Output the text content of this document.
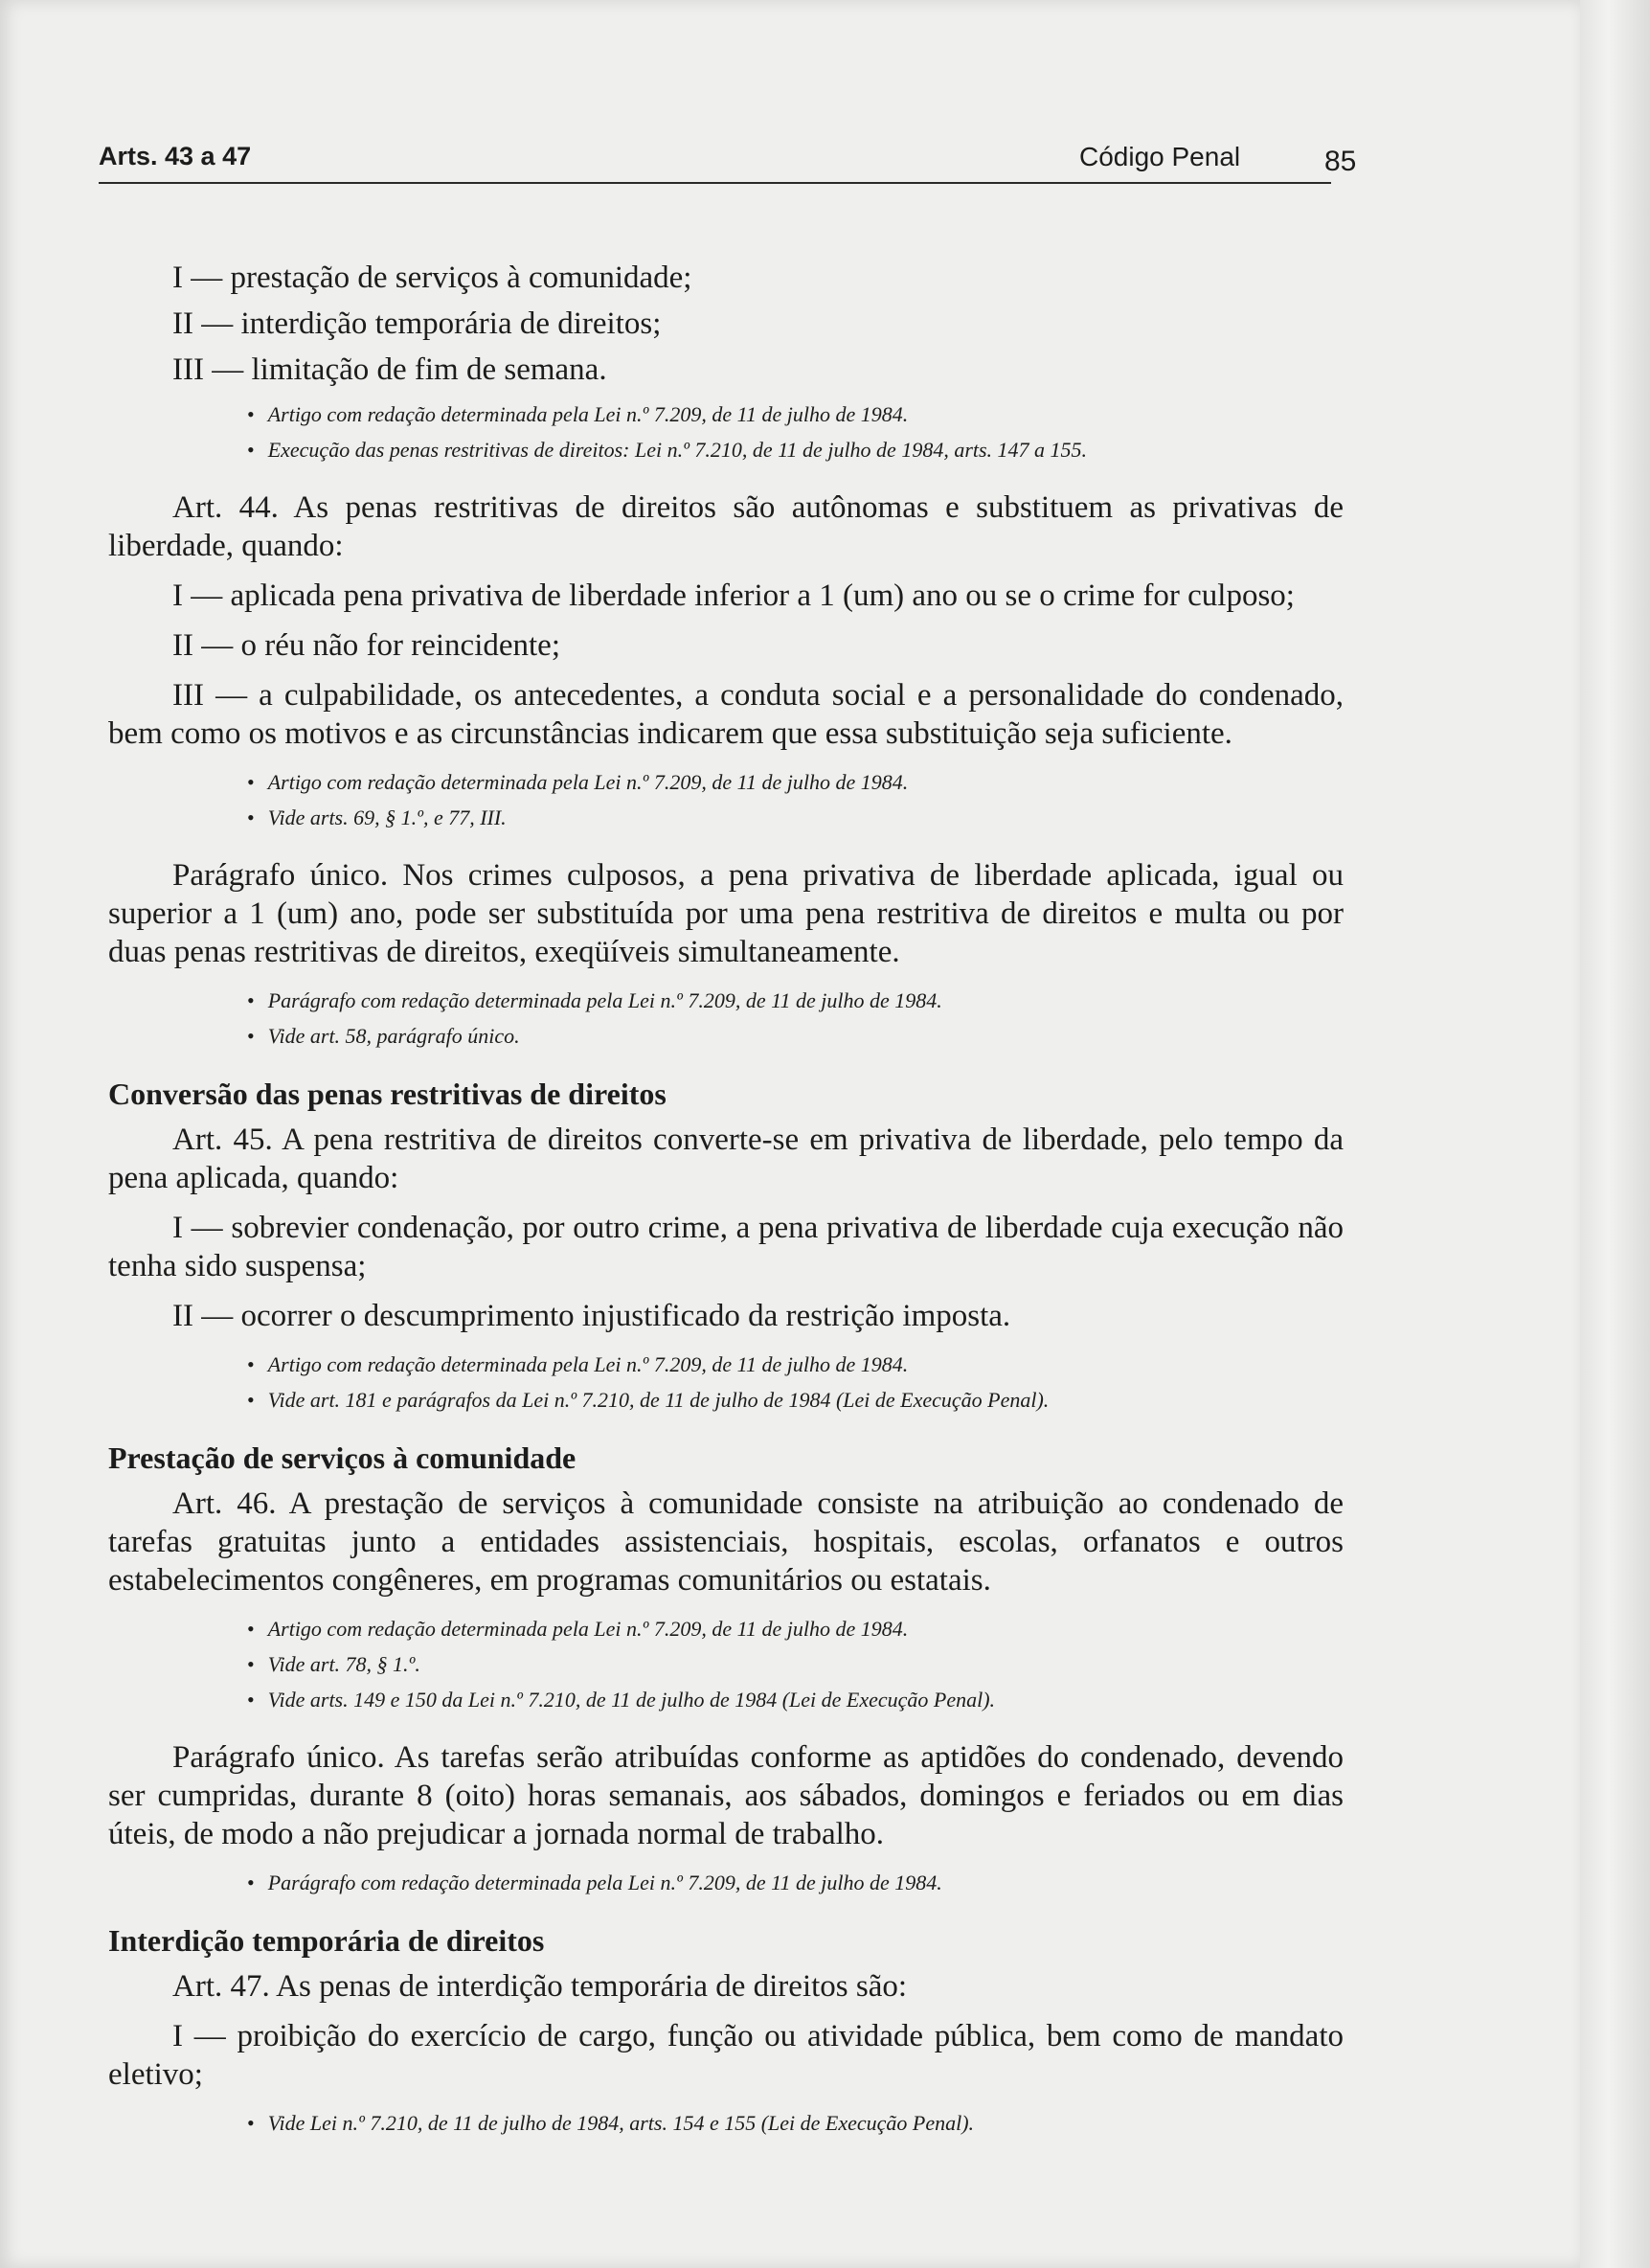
Arts. 43 a 47	Código Penal	85
I — prestação de serviços à comunidade;
II — interdição temporária de direitos;
III — limitação de fim de semana.
• Artigo com redação determinada pela Lei n.º 7.209, de 11 de julho de 1984.
• Execução das penas restritivas de direitos: Lei n.º 7.210, de 11 de julho de 1984, arts. 147 a 155.

Art. 44. As penas restritivas de direitos são autônomas e substituem as privativas de liberdade, quando:

I — aplicada pena privativa de liberdade inferior a 1 (um) ano ou se o crime for culposo;

II — o réu não for reincidente;

III — a culpabilidade, os antecedentes, a conduta social e a personalidade do condenado, bem como os motivos e as circunstâncias indicarem que essa substituição seja suficiente.

• Artigo com redação determinada pela Lei n.º 7.209, de 11 de julho de 1984.
• Vide arts. 69, § 1.º, e 77, III.

Parágrafo único. Nos crimes culposos, a pena privativa de liberdade aplicada, igual ou superior a 1 (um) ano, pode ser substituída por uma pena restritiva de direitos e multa ou por duas penas restritivas de direitos, exeqüíveis simultaneamente.

• Parágrafo com redação determinada pela Lei n.º 7.209, de 11 de julho de 1984.
• Vide art. 58, parágrafo único.
Conversão das penas restritivas de direitos

Art. 45. A pena restritiva de direitos converte-se em privativa de liberdade, pelo tempo da pena aplicada, quando:

I — sobrevier condenação, por outro crime, a pena privativa de liberdade cuja execução não tenha sido suspensa;

II — ocorrer o descumprimento injustificado da restrição imposta.

• Artigo com redação determinada pela Lei n.º 7.209, de 11 de julho de 1984.
• Vide art. 181 e parágrafos da Lei n.º 7.210, de 11 de julho de 1984 (Lei de Execução Penal).
Prestação de serviços à comunidade

Art. 46. A prestação de serviços à comunidade consiste na atribuição ao condenado de tarefas gratuitas junto a entidades assistenciais, hospitais, escolas, orfanatos e outros estabelecimentos congêneres, em programas comunitários ou estatais.

• Artigo com redação determinada pela Lei n.º 7.209, de 11 de julho de 1984.
• Vide art. 78, § 1.º.
• Vide arts. 149 e 150 da Lei n.º 7.210, de 11 de julho de 1984 (Lei de Execução Penal).

Parágrafo único. As tarefas serão atribuídas conforme as aptidões do condenado, devendo ser cumpridas, durante 8 (oito) horas semanais, aos sábados, domingos e feriados ou em dias úteis, de modo a não prejudicar a jornada normal de trabalho.

• Parágrafo com redação determinada pela Lei n.º 7.209, de 11 de julho de 1984.
Interdição temporária de direitos

Art. 47. As penas de interdição temporária de direitos são:

I — proibição do exercício de cargo, função ou atividade pública, bem como de mandato eletivo;

• Vide Lei n.º 7.210, de 11 de julho de 1984, arts. 154 e 155 (Lei de Execução Penal).
